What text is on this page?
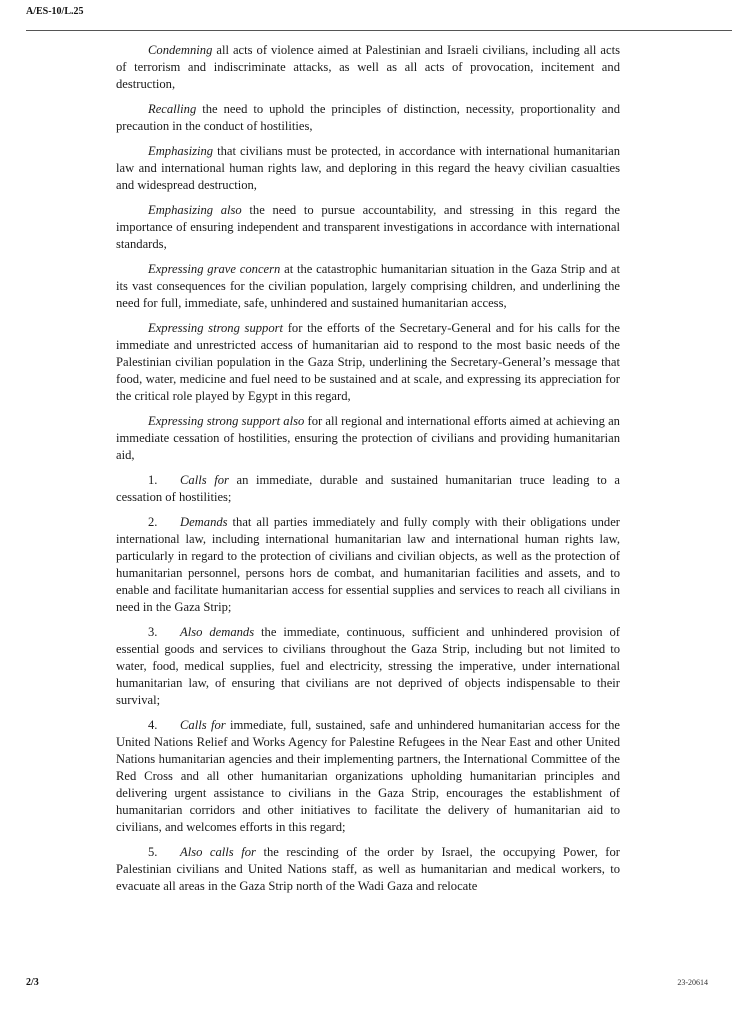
A/ES-10/L.25

Condemning all acts of violence aimed at Palestinian and Israeli civilians, including all acts of terrorism and indiscriminate attacks, as well as all acts of provocation, incitement and destruction,

Recalling the need to uphold the principles of distinction, necessity, proportionality and precaution in the conduct of hostilities,

Emphasizing that civilians must be protected, in accordance with international humanitarian law and international human rights law, and deploring in this regard the heavy civilian casualties and widespread destruction,

Emphasizing also the need to pursue accountability, and stressing in this regard the importance of ensuring independent and transparent investigations in accordance with international standards,

Expressing grave concern at the catastrophic humanitarian situation in the Gaza Strip and at its vast consequences for the civilian population, largely comprising children, and underlining the need for full, immediate, safe, unhindered and sustained humanitarian access,

Expressing strong support for the efforts of the Secretary-General and for his calls for the immediate and unrestricted access of humanitarian aid to respond to the most basic needs of the Palestinian civilian population in the Gaza Strip, underlining the Secretary-General’s message that food, water, medicine and fuel need to be sustained and at scale, and expressing its appreciation for the critical role played by Egypt in this regard,

Expressing strong support also for all regional and international efforts aimed at achieving an immediate cessation of hostilities, ensuring the protection of civilians and providing humanitarian aid,

1. Calls for an immediate, durable and sustained humanitarian truce leading to a cessation of hostilities;

2. Demands that all parties immediately and fully comply with their obligations under international law, including international humanitarian law and international human rights law, particularly in regard to the protection of civilians and civilian objects, as well as the protection of humanitarian personnel, persons hors de combat, and humanitarian facilities and assets, and to enable and facilitate humanitarian access for essential supplies and services to reach all civilians in need in the Gaza Strip;

3. Also demands the immediate, continuous, sufficient and unhindered provision of essential goods and services to civilians throughout the Gaza Strip, including but not limited to water, food, medical supplies, fuel and electricity, stressing the imperative, under international humanitarian law, of ensuring that civilians are not deprived of objects indispensable to their survival;

4. Calls for immediate, full, sustained, safe and unhindered humanitarian access for the United Nations Relief and Works Agency for Palestine Refugees in the Near East and other United Nations humanitarian agencies and their implementing partners, the International Committee of the Red Cross and all other humanitarian organizations upholding humanitarian principles and delivering urgent assistance to civilians in the Gaza Strip, encourages the establishment of humanitarian corridors and other initiatives to facilitate the delivery of humanitarian aid to civilians, and welcomes efforts in this regard;

5. Also calls for the rescinding of the order by Israel, the occupying Power, for Palestinian civilians and United Nations staff, as well as humanitarian and medical workers, to evacuate all areas in the Gaza Strip north of the Wadi Gaza and relocate

2/3	23-20614
